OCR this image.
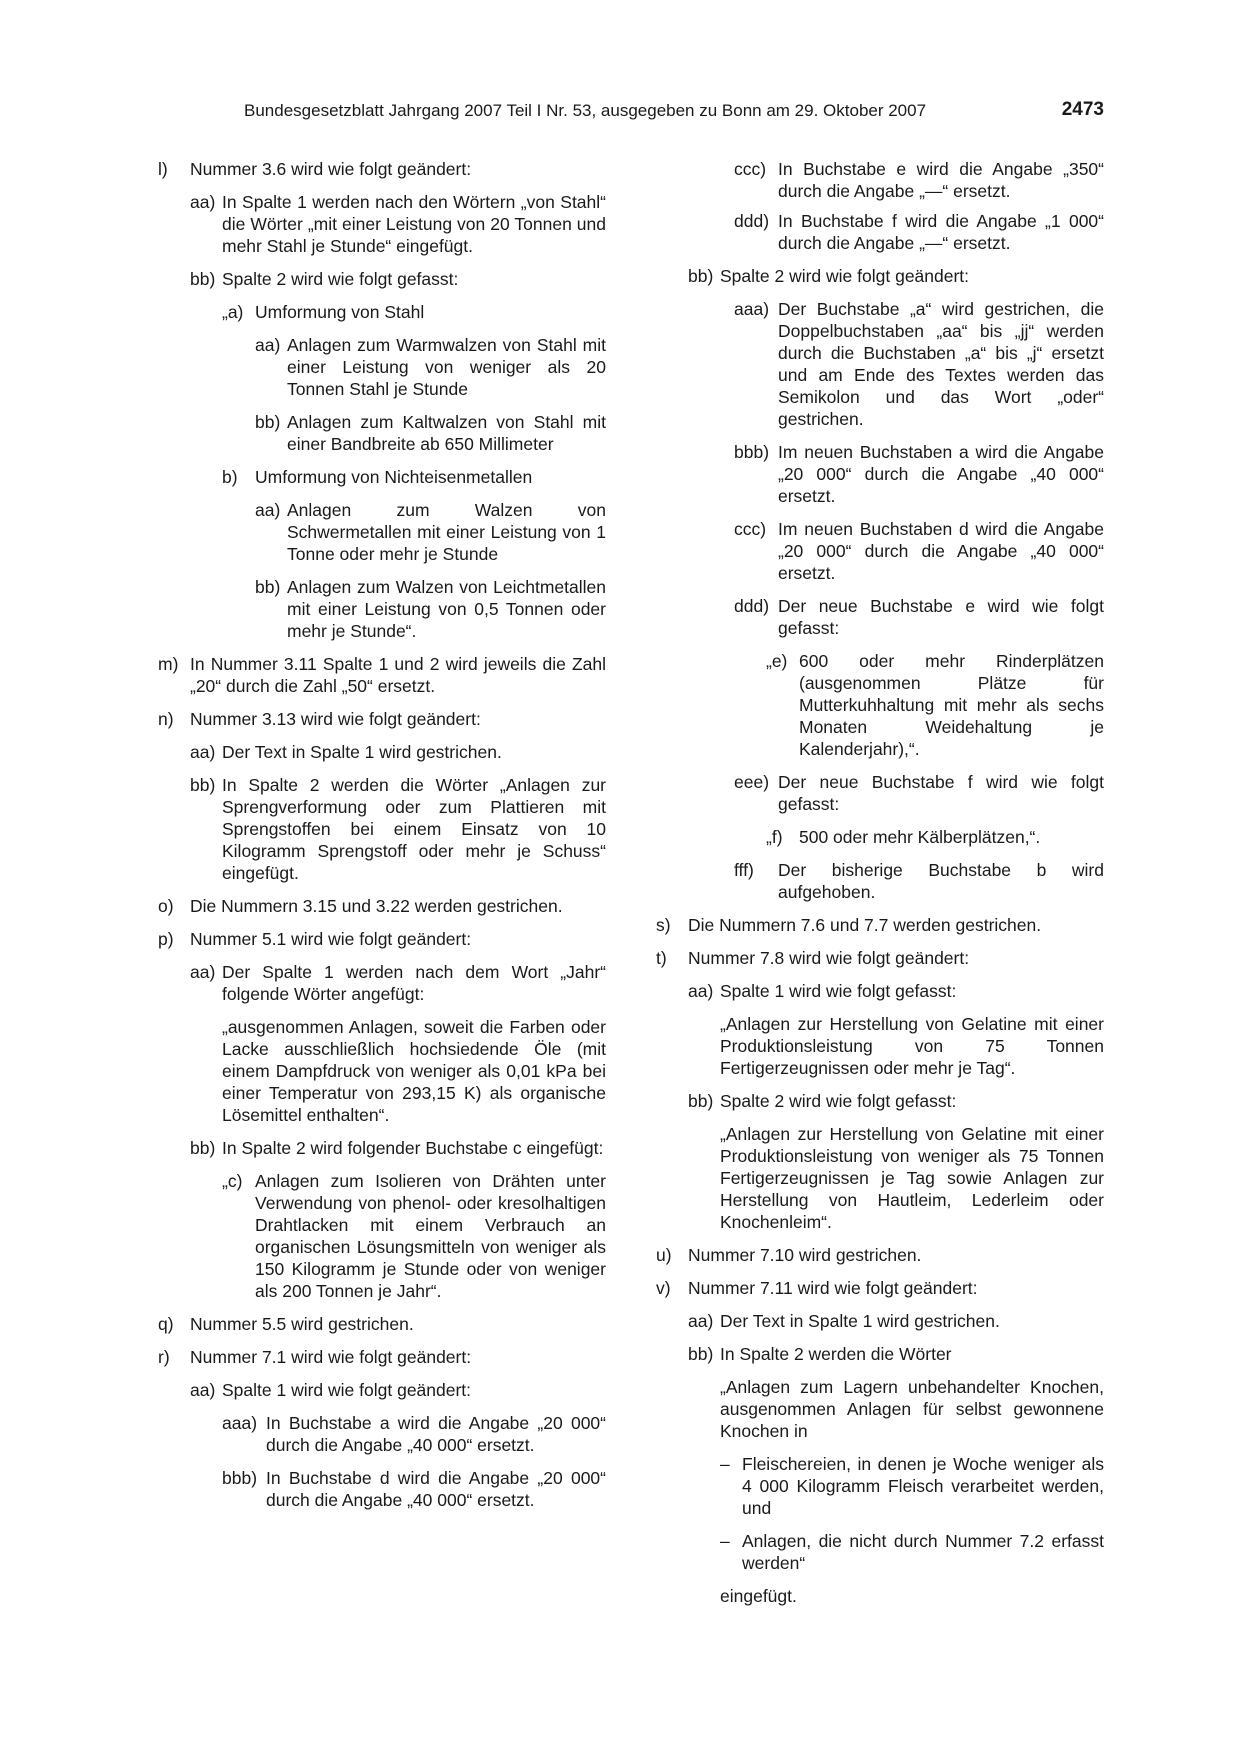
Bundesgesetzblatt Jahrgang 2007 Teil I Nr. 53, ausgegeben zu Bonn am 29. Oktober 2007	2473
l)	Nummer 3.6 wird wie folgt geändert:
aa) In Spalte 1 werden nach den Wörtern „von Stahl“ die Wörter „mit einer Leistung von 20 Tonnen und mehr Stahl je Stunde“ eingefügt.
bb) Spalte 2 wird wie folgt gefasst:
„a) Umformung von Stahl
aa) Anlagen zum Warmwalzen von Stahl mit einer Leistung von weniger als 20 Tonnen Stahl je Stunde
bb) Anlagen zum Kaltwalzen von Stahl mit einer Bandbreite ab 650 Millimeter
b) Umformung von Nichteisenmetallen
aa) Anlagen zum Walzen von Schwermetallen mit einer Leistung von 1 Tonne oder mehr je Stunde
bb) Anlagen zum Walzen von Leichtmetallen mit einer Leistung von 0,5 Tonnen oder mehr je Stunde“.
m) In Nummer 3.11 Spalte 1 und 2 wird jeweils die Zahl „20“ durch die Zahl „50“ ersetzt.
n) Nummer 3.13 wird wie folgt geändert:
aa) Der Text in Spalte 1 wird gestrichen.
bb) In Spalte 2 werden die Wörter „Anlagen zur Sprengverformung oder zum Plattieren mit Sprengstoffen bei einem Einsatz von 10 Kilogramm Sprengstoff oder mehr je Schuss“ eingefügt.
o) Die Nummern 3.15 und 3.22 werden gestrichen.
p) Nummer 5.1 wird wie folgt geändert:
aa) Der Spalte 1 werden nach dem Wort „Jahr“ folgende Wörter angefügt:
„ausgenommen Anlagen, soweit die Farben oder Lacke ausschließlich hochsiedende Öle (mit einem Dampfdruck von weniger als 0,01 kPa bei einer Temperatur von 293,15 K) als organische Lösemittel enthalten“.
bb) In Spalte 2 wird folgender Buchstabe c eingefügt:
„c) Anlagen zum Isolieren von Drähten unter Verwendung von phenol- oder kresolhaltigen Drahtlacken mit einem Verbrauch an organischen Lösungsmitteln von weniger als 150 Kilogramm je Stunde oder von weniger als 200 Tonnen je Jahr“.
q) Nummer 5.5 wird gestrichen.
r)	Nummer 7.1 wird wie folgt geändert:
aa) Spalte 1 wird wie folgt geändert:
aaa) In Buchstabe a wird die Angabe „20 000“ durch die Angabe „40 000“ ersetzt.
bbb) In Buchstabe d wird die Angabe „20 000“ durch die Angabe „40 000“ ersetzt.
ccc) In Buchstabe e wird die Angabe „350“ durch die Angabe „—“ ersetzt.
ddd) In Buchstabe f wird die Angabe „1 000“ durch die Angabe „—“ ersetzt.
bb) Spalte 2 wird wie folgt geändert:
aaa) Der Buchstabe „a“ wird gestrichen, die Doppelbuchstaben „aa“ bis „jj“ werden durch die Buchstaben „a“ bis „j“ ersetzt und am Ende des Textes werden das Semikolon und das Wort „oder“ gestrichen.
bbb) Im neuen Buchstaben a wird die Angabe „20 000“ durch die Angabe „40 000“ ersetzt.
ccc) Im neuen Buchstaben d wird die Angabe „20 000“ durch die Angabe „40 000“ ersetzt.
ddd) Der neue Buchstabe e wird wie folgt gefasst:
„e) 600 oder mehr Rinderplätzen (ausgenommen Plätze für Mutterkuhhaltung mit mehr als sechs Monaten Weidehaltung je Kalenderjahr),“.
eee) Der neue Buchstabe f wird wie folgt gefasst:
„f) 500 oder mehr Kälberplätzen,“.
fff)	Der bisherige Buchstabe b wird aufgehoben.
s) Die Nummern 7.6 und 7.7 werden gestrichen.
t)	Nummer 7.8 wird wie folgt geändert:
aa) Spalte 1 wird wie folgt gefasst:
„Anlagen zur Herstellung von Gelatine mit einer Produktionsleistung von 75 Tonnen Fertigerzeugnissen oder mehr je Tag“.
bb) Spalte 2 wird wie folgt gefasst:
„Anlagen zur Herstellung von Gelatine mit einer Produktionsleistung von weniger als 75 Tonnen Fertigerzeugnissen je Tag sowie Anlagen zur Herstellung von Hautleim, Lederleim oder Knochenleim“.
u) Nummer 7.10 wird gestrichen.
v) Nummer 7.11 wird wie folgt geändert:
aa) Der Text in Spalte 1 wird gestrichen.
bb) In Spalte 2 werden die Wörter
„Anlagen zum Lagern unbehandelter Knochen, ausgenommen Anlagen für selbst gewonnene Knochen in
– Fleischereien, in denen je Woche weniger als 4 000 Kilogramm Fleisch verarbeitet werden, und
– Anlagen, die nicht durch Nummer 7.2 erfasst werden“
eingefügt.
